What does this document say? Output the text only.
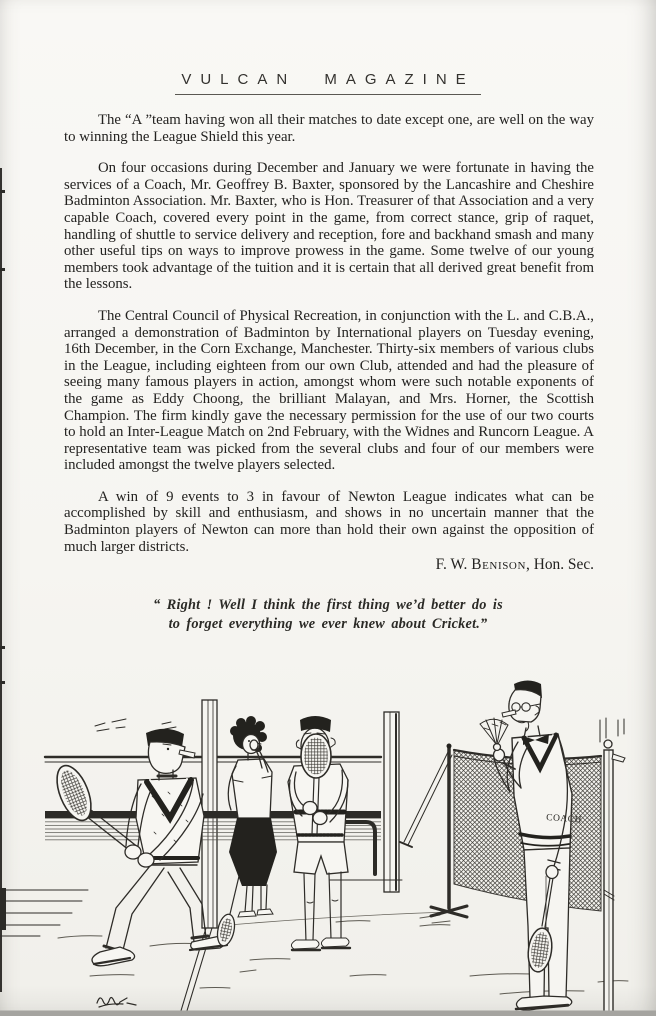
VULCAN MAGAZINE

The “A ”team having won all their matches to date except one, are well on the way to winning the League Shield this year.

On four occasions during December and January we were fortunate in having the services of a Coach, Mr. Geoffrey B. Baxter, sponsored by the Lancashire and Cheshire Badminton Association. Mr. Baxter, who is Hon. Treasurer of that Association and a very capable Coach, covered every point in the game, from correct stance, grip of raquet, handling of shuttle to service delivery and reception, fore and backhand smash and many other useful tips on ways to improve prowess in the game. Some twelve of our young members took advantage of the tuition and it is certain that all derived great benefit from the lessons.

The Central Council of Physical Recreation, in conjunction with the L. and C.B.A., arranged a demonstration of Badminton by International players on Tuesday evening, 16th December, in the Corn Exchange, Manchester. Thirty-six members of various clubs in the League, including eighteen from our own Club, attended and had the pleasure of seeing many famous players in action, amongst whom were such notable exponents of the game as Eddy Choong, the brilliant Malayan, and Mrs. Horner, the Scottish Champion. The firm kindly gave the necessary permission for the use of our two courts to hold an Inter-League Match on 2nd February, with the Widnes and Runcorn League. A representative team was picked from the several clubs and four of our members were included amongst the twelve players selected.

A win of 9 events to 3 in favour of Newton League indicates what can be accomplished by skill and enthusiasm, and shows in no uncertain manner that the Badminton players of Newton can more than hold their own against the opposition of much larger districts.

F. W. Benison, Hon. Sec.

“ Right ! Well I think the first thing we’d better do is
to forget everything we ever knew about Cricket.”
COACH
